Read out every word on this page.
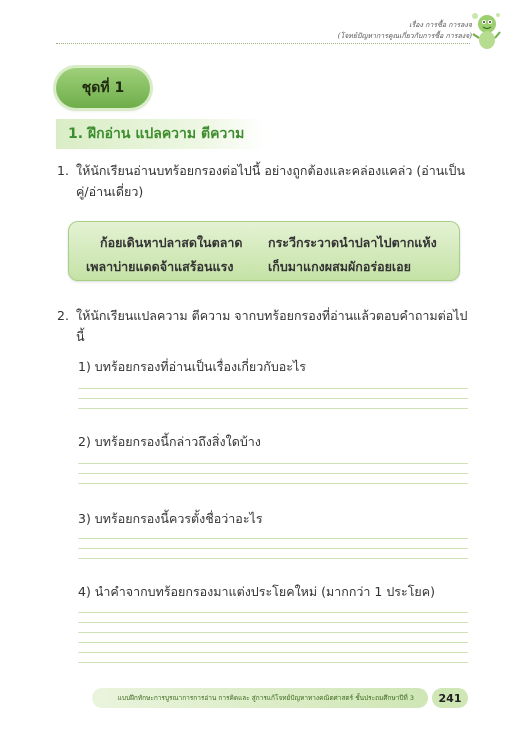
เรื่อง การซื้อ การลงจ
(โจทย์ปัญหาการคูณเกี่ยวกับการซื้อ การลงจ)
ชุดที่ 1
1. ฝึกอ่าน แปลความ ตีความ
1. ให้นักเรียนอ่านบทร้อยกรองต่อไปนี้ อย่างถูกต้องและคล่องแคล่ว (อ่านเป็นคู่/อ่านเดี่ยว)
ก้อยเดินหาปลาสดในตลาด กระวีกระวาดนำปลาไปตากแห้ง
เพลาบ่ายแดดจ้าแสร้อนแรง	เก็บมาแกงผสมผักอร่อยเอย
2. ให้นักเรียนแปลความ ตีความ จากบทร้อยกรองที่อ่านแล้วตอบคำถามต่อไปนี้
1) บทร้อยกรองที่อ่านเป็นเรื่องเกี่ยวกับอะไร
2) บทร้อยกรองนี้กล่าวถึงสิ่งใดบ้าง
3) บทร้อยกรองนี้ควรตั้งชื่อว่าอะไร
4) นำคำจากบทร้อยกรองมาแต่งประโยคใหม่ (มากกว่า 1 ประโยค)
แบบฝึกทักษะการบูรณาการการอ่าน การคิดและ สู่การแก้โจทย์ปัญหาทางคณิตศาสตร์ ชั้นประถมศึกษาปีที่ 3	241
